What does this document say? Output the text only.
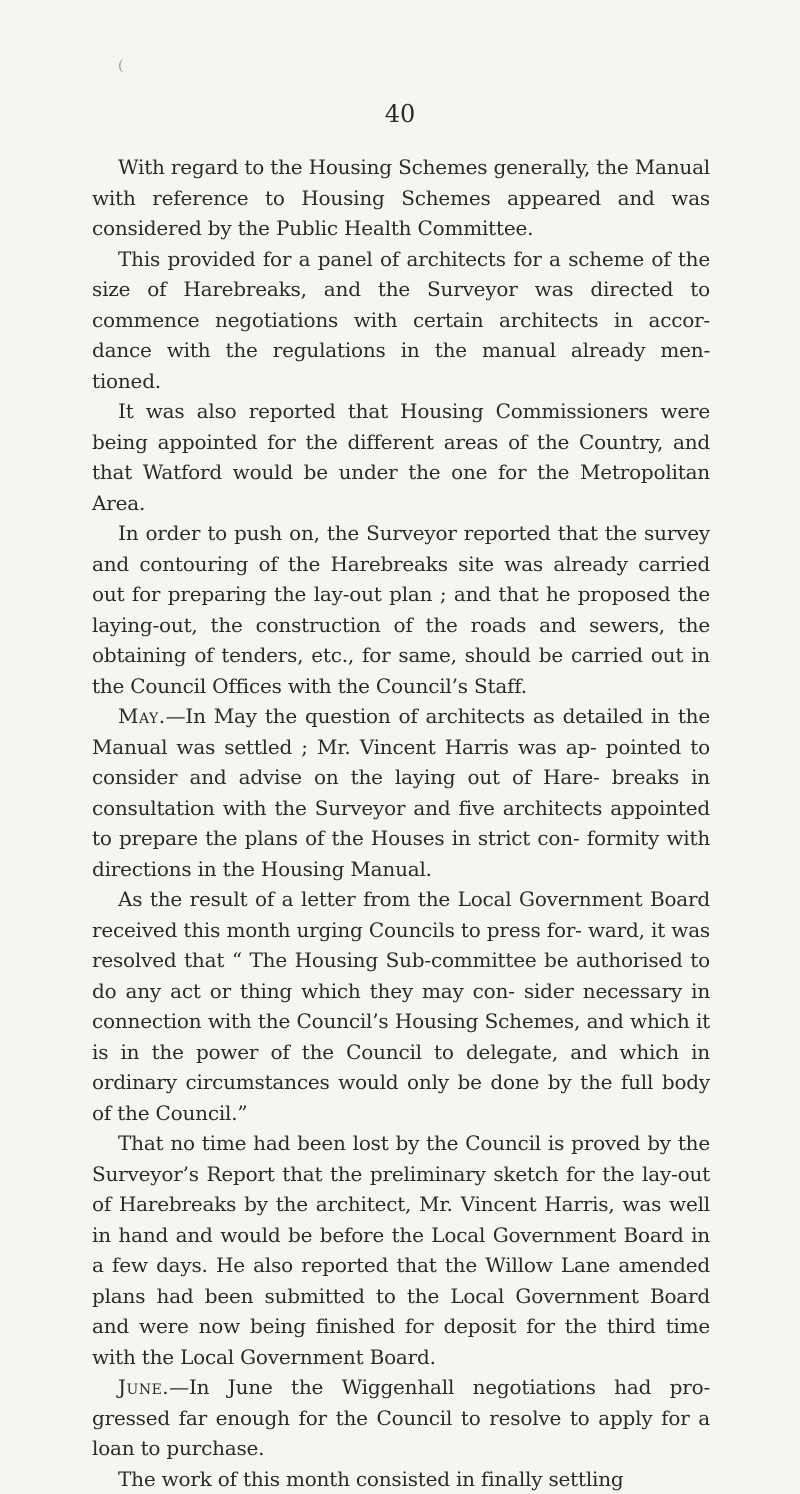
(
40

With regard to the Housing Schemes generally, the Manual with reference to Housing Schemes appeared and was considered by the Public Health Committee.

This provided for a panel of architects for a scheme of the size of Harebreaks, and the Surveyor was directed to commence negotiations with certain architects in accor- dance with the regulations in the manual already men- tioned.

It was also reported that Housing Commissioners were being appointed for the different areas of the Country, and that Watford would be under the one for the Metropolitan Area.

In order to push on, the Surveyor reported that the survey and contouring of the Harebreaks site was already carried out for preparing the lay-out plan ; and that he proposed the laying-out, the construction of the roads and sewers, the obtaining of tenders, etc., for same, should be carried out in the Council Offices with the Council’s Staff.

May.—In May the question of architects as detailed in the Manual was settled ; Mr. Vincent Harris was ap- pointed to consider and advise on the laying out of Hare- breaks in consultation with the Surveyor and five architects appointed to prepare the plans of the Houses in strict con- formity with directions in the Housing Manual.

As the result of a letter from the Local Government Board received this month urging Councils to press for- ward, it was resolved that “ The Housing Sub-committee be authorised to do any act or thing which they may con- sider necessary in connection with the Council’s Housing Schemes, and which it is in the power of the Council to delegate, and which in ordinary circumstances would only be done by the full body of the Council.”

That no time had been lost by the Council is proved by the Surveyor’s Report that the preliminary sketch for the lay-out of Harebreaks by the architect, Mr. Vincent Harris, was well in hand and would be before the Local Government Board in a few days. He also reported that the Willow Lane amended plans had been submitted to the Local Government Board and were now being finished for deposit for the third time with the Local Government Board.

June.—In June the Wiggenhall negotiations had pro- gressed far enough for the Council to resolve to apply for a loan to purchase.

The work of this month consisted in finally settling
